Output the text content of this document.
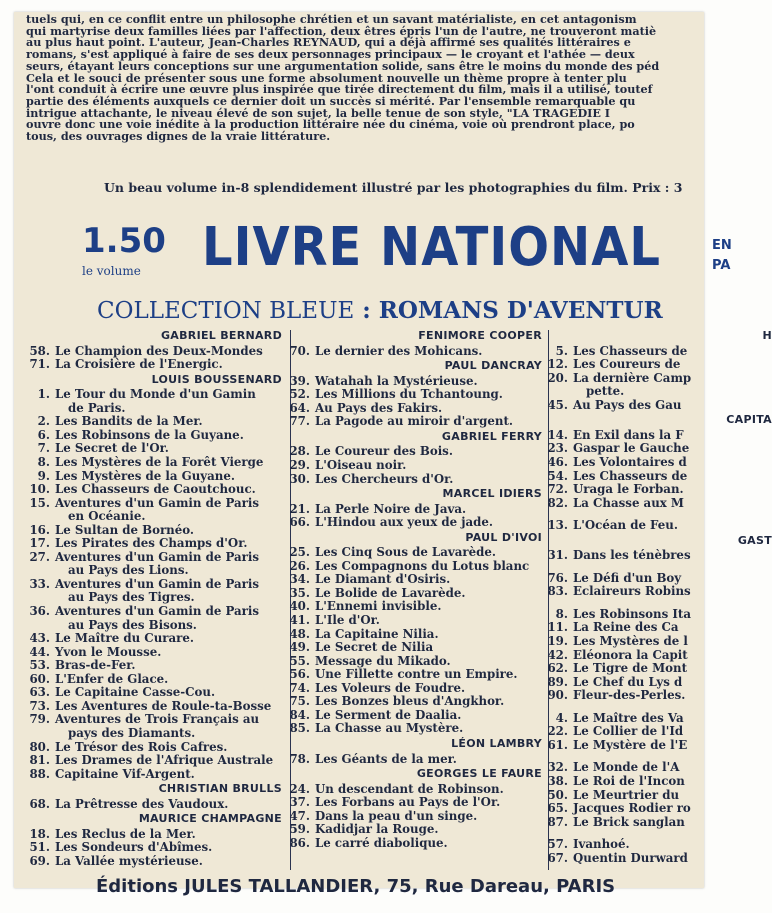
tuels qui, en ce conflit entre un philosophe chrétien et un savant matérialiste, en cet antagonism
qui martyrise deux familles liées par l'affection, deux êtres épris l'un de l'autre, ne trouveront matiè
au plus haut point. L'auteur, Jean-Charles REYNAUD, qui a déjà affirmé ses qualités littéraires e
romans, s'est appliqué à faire de ses deux personnages principaux — le croyant et l'athée — deux
seurs, étayant leurs conceptions sur une argumentation solide, sans être le moins du monde des péd
Cela et le souci de présenter sous une forme absolument nouvelle un thème propre à tenter plu
l'ont conduit à écrire une œuvre plus inspirée que tirée directement du film, mais il a utilisé, toutef
partie des éléments auxquels ce dernier doit un succès si mérité. Par l'ensemble remarquable qu
intrigue attachante, le niveau élevé de son sujet, la belle tenue de son style, "LA TRAGEDIE I
ouvre donc une voie inédite à la production littéraire née du cinéma, voie où prendront place, po
tous, des ouvrages dignes de la vraie littérature.
Un beau volume in-8 splendidement illustré par les photographies du film. Prix : 3
1.50
le volume LIVRE NATIONAL	EN
PA
COLLECTION BLEUE : ROMANS D'AVENTUR
GABRIEL BERNARD
58. Le Champion des Deux-Mondes
71. La Croisière de l'Energic.
LOUIS BOUSSENARD
1. Le Tour du Monde d'un Gamin
de Paris.
2. Les Bandits de la Mer.
6. Les Robinsons de la Guyane.
7. Le Secret de l'Or.
8. Les Mystères de la Forêt Vierge
9. Les Mystères de la Guyane.
10. Les Chasseurs de Caoutchouc.
15. Aventures d'un Gamin de Paris
en Océanie.
16. Le Sultan de Bornéo.
17. Les Pirates des Champs d'Or.
27. Aventures d'un Gamin de Paris
au Pays des Lions.
33. Aventures d'un Gamin de Paris
au Pays des Tigres.
36. Aventures d'un Gamin de Paris
au Pays des Bisons.
43. Le Maître du Curare.
44. Yvon le Mousse.
53. Bras-de-Fer.
60. L'Enfer de Glace.
63. Le Capitaine Casse-Cou.
73. Les Aventures de Roule-ta-Bosse
79. Aventures de Trois Français au
pays des Diamants.
80. Le Trésor des Rois Cafres.
81. Les Drames de l'Afrique Australe
88. Capitaine Vif-Argent.
CHRISTIAN BRULLS
68. La Prêtresse des Vaudoux.
MAURICE CHAMPAGNE
18. Les Reclus de la Mer.
51. Les Sondeurs d'Abîmes.
69. La Vallée mystérieuse.
FENIMORE COOPER
70. Le dernier des Mohicans.
PAUL DANCRAY
39. Watahah la Mystérieuse.
52. Les Millions du Tchantoung.
64. Au Pays des Fakirs.
77. La Pagode au miroir d'argent.
GABRIEL FERRY
28. Le Coureur des Bois.
29. L'Oiseau noir.
30. Les Chercheurs d'Or.
MARCEL IDIERS
21. La Perle Noire de Java.
66. L'Hindou aux yeux de jade.
PAUL D'IVOI
25. Les Cinq Sous de Lavarède.
26. Les Compagnons du Lotus blanc
34. Le Diamant d'Osiris.
35. Le Bolide de Lavarède.
40. L'Ennemi invisible.
41. L'Ile d'Or.
48. La Capitaine Nilia.
49. Le Secret de Nilia
55. Message du Mikado.
56. Une Fillette contre un Empire.
74. Les Voleurs de Foudre.
75. Les Bonzes bleus d'Angkhor.
84. Le Serment de Daalia.
85. La Chasse au Mystère.
LÉON LAMBRY
78. Les Géants de la mer.
GEORGES LE FAURE
24. Un descendant de Robinson.
37. Les Forbans au Pays de l'Or.
47. Dans la peau d'un singe.
59. Kadidjar la Rouge.
86. Le carré diabolique.
H
5. Les Chasseurs de
12. Les Coureurs de
20. La dernière Camp
pette.
45. Au Pays des Gau
CAPITA
14. En Exil dans la F
23. Gaspar le Gauche
46. Les Volontaires d
54. Les Chasseurs de
72. Uraga le Forban.
82. La Chasse aux M
13. L'Océan de Feu.
GAST
31. Dans les ténèbres
76. Le Défi d'un Boy
83. Eclaireurs Robins
8. Les Robinsons Ita
11. La Reine des Ca
19. Les Mystères de l
42. Eléonora la Capit
62. Le Tigre de Mont
89. Le Chef du Lys d
90. Fleur-des-Perles.
4. Le Maître des Va
22. Le Collier de l'Id
61. Le Mystère de l'E
32. Le Monde de l'A
38. Le Roi de l'Incon
50. Le Meurtrier du
65. Jacques Rodier ro
87. Le Brick sanglan
57. Ivanhoé.
67. Quentin Durward
Éditions JULES TALLANDIER, 75, Rue Dareau, PARIS
